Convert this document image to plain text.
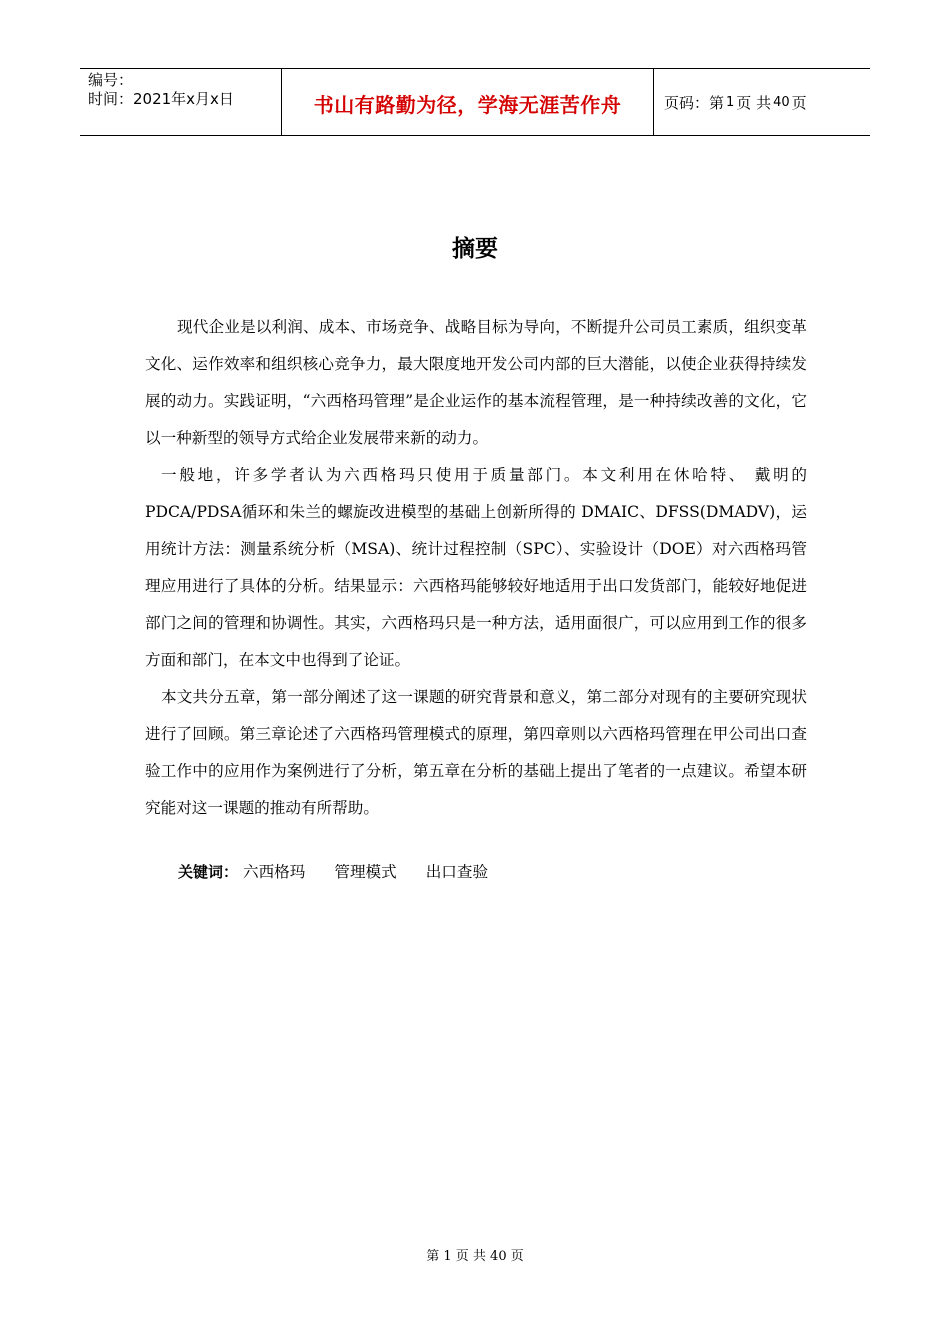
编号：
时间：2021年x月x日	书山有路勤为径，学海无涯苦作舟	页码：第 1 页 共 40 页
摘要

现代企业是以利润、成本、市场竞争、战略目标为导向，不断提升公司员工素质，组织变革文化、运作效率和组织核心竞争力，最大限度地开发公司内部的巨大潜能，以使企业获得持续发展的动力。实践证明，“六西格玛管理”是企业运作的基本流程管理，是一种持续改善的文化，它以一种新型的领导方式给企业发展带来新的动力。

一般地，许多学者认为六西格玛只使用于质量部门。本文利用在休哈特、 戴明的PDCA/PDSA循环和朱兰的螺旋改进模型的基础上创新所得的 DMAIC、DFSS(DMADV)，运用统计方法：测量系统分析（MSA)、统计过程控制（SPC）、实验设计（DOE）对六西格玛管理应用进行了具体的分析。结果显示：六西格玛能够较好地适用于出口发货部门，能较好地促进部门之间的管理和协调性。其实，六西格玛只是一种方法，适用面很广，可以应用到工作的很多方面和部门，在本文中也得到了论证。

本文共分五章，第一部分阐述了这一课题的研究背景和意义，第二部分对现有的主要研究现状进行了回顾。第三章论述了六西格玛管理模式的原理，第四章则以六西格玛管理在甲公司出口查验工作中的应用作为案例进行了分析，第五章在分析的基础上提出了笔者的一点建议。希望本研究能对这一课题的推动有所帮助。

关键词： 六西格玛 管理模式 出口查验
第 1 页 共 40 页
